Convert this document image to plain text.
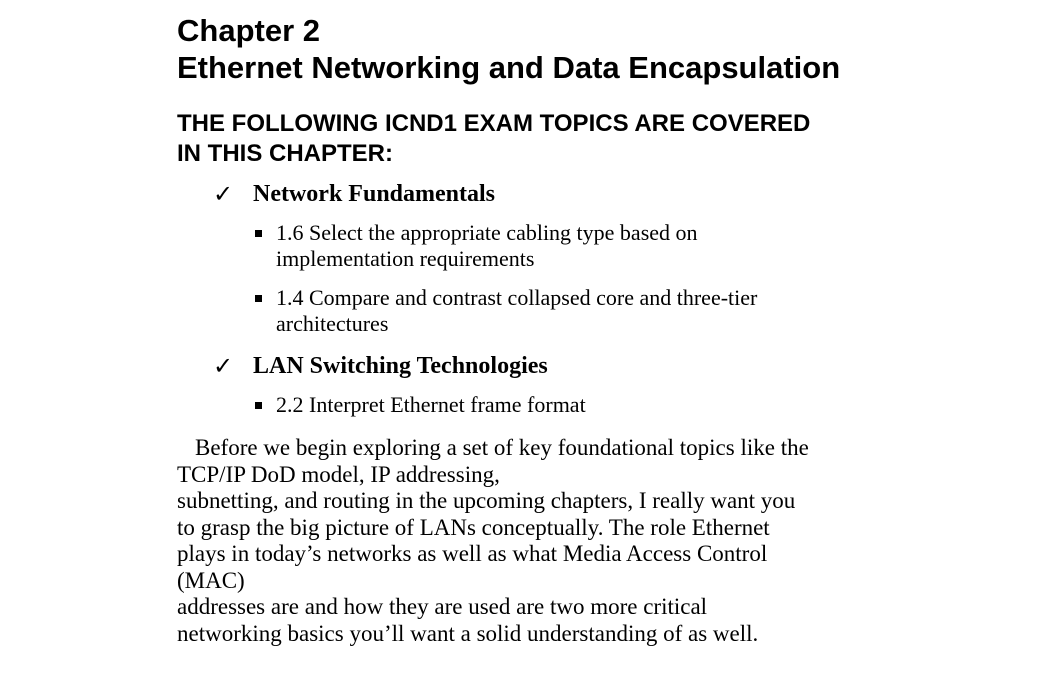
Chapter 2
Ethernet Networking and Data Encapsulation
THE FOLLOWING ICND1 EXAM TOPICS ARE COVERED
IN THIS CHAPTER:
✓ Network Fundamentals
1.6 Select the appropriate cabling type based on
implementation requirements
1.4 Compare and contrast collapsed core and three-tier
architectures
✓ LAN Switching Technologies
2.2 Interpret Ethernet frame format

Before we begin exploring a set of key foundational topics like the
TCP/IP DoD model, IP addressing,
subnetting, and routing in the upcoming chapters, I really want you
to grasp the big picture of LANs conceptually. The role Ethernet
plays in today’s networks as well as what Media Access Control
(MAC)
addresses are and how they are used are two more critical
networking basics you’ll want a solid understanding of as well.
